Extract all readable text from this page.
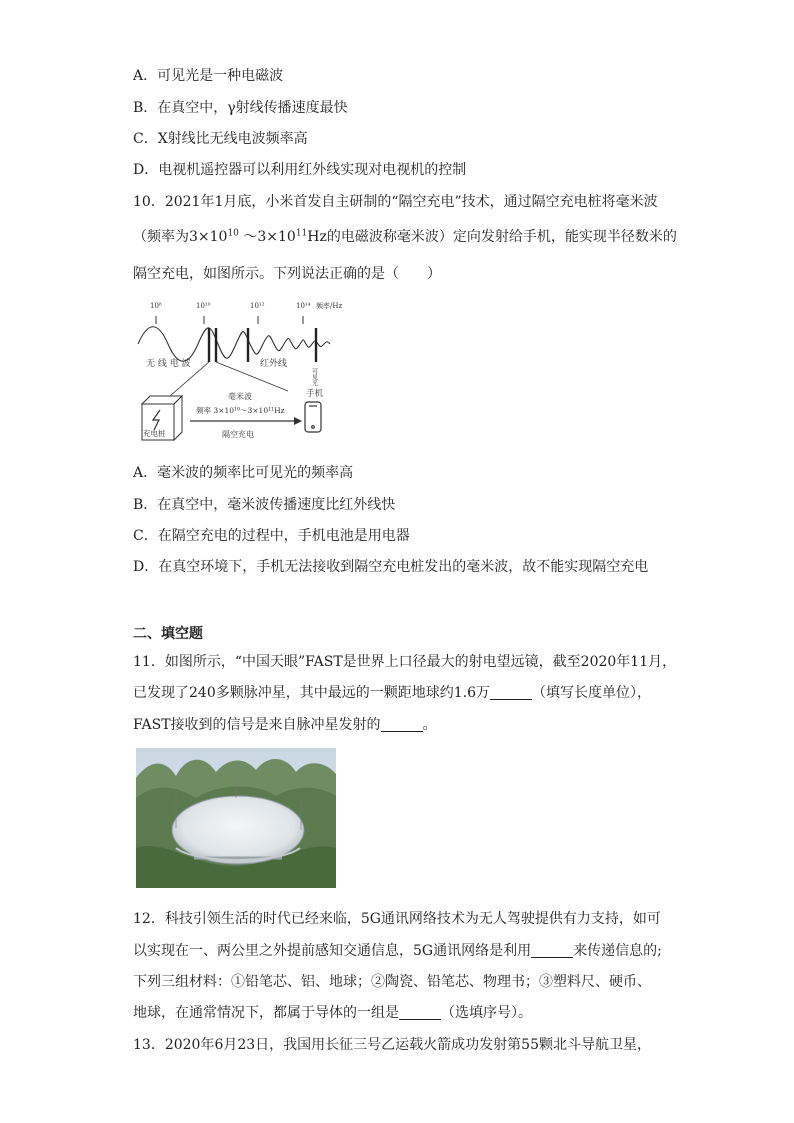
A．可见光是一种电磁波
B．在真空中，γ射线传播速度最快
C．X射线比无线电波频率高
D．电视机遥控器可以利用红外线实现对电视机的控制
10．2021年1月底，小米首发自主研制的“隔空充电”技术，通过隔空充电桩将毫米波
（频率为$3\times 10^{10}$ $\sim 3\times 10^{11}Hz$的电磁波称毫米波）定向发射给手机，能实现半径数米的
隔空充电，如图所示。下列说法正确的是（　　）
10⁸	10¹⁰	10¹²	10¹⁴ 频率/Hz
无 线 电 波	红外线
可见光
毫米波
频率 3×10¹⁰～3×10¹¹Hz
手机
隔空充电
充电桩
A．毫米波的频率比可见光的频率高
B．在真空中，毫米波传播速度比红外线快
C．在隔空充电的过程中，手机电池是用电器
D．在真空环境下，手机无法接收到隔空充电桩发出的毫米波，故不能实现隔空充电
二、填空题
11．如图所示，“中国天眼”FAST是世界上口径最大的射电望远镜，截至2020年11月，
已发现了240多颗脉冲星，其中最远的一颗距地球约1.6万	（填写长度单位），
FAST接收到的信号是来自脉冲星发射的	。
12．科技引领生活的时代已经来临，5G通讯网络技术为无人驾驶提供有力支持，如可
以实现在一、两公里之外提前感知交通信息，5G通讯网络是利用	来传递信息的;
下列三组材料：①铅笔芯、铝、地球；②陶瓷、铅笔芯、物理书；③塑料尺、硬币、
地球，在通常情况下，都属于导体的一组是	（选填序号）。
13．2020年6月23日，我国用长征三号乙运载火箭成功发射第55颗北斗导航卫星，
